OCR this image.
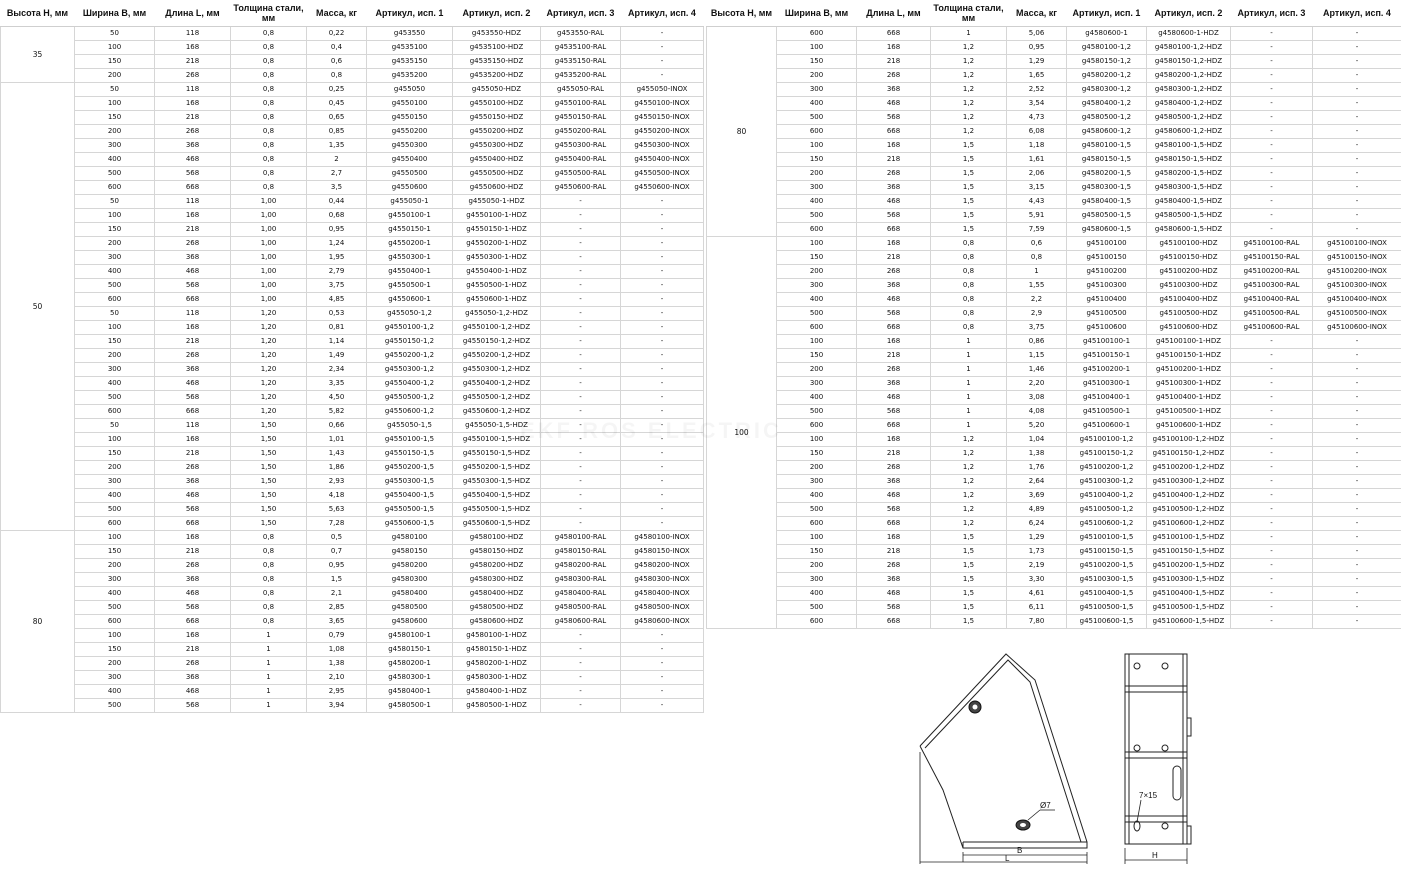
Высота H, мм	Ширина B, мм	Длина L, мм	Толщина стали, мм	Масса, кг	Артикул, исп. 1	Артикул, исп. 2	Артикул, исп. 3	Артикул, исп. 4
35	50	118	0,8	0,22	g453550	g453550-HDZ	g453550-RAL	-
	100	168	0,8	0,4	g4535100	g4535100-HDZ	g4535100-RAL	-
	150	218	0,8	0,6	g4535150	g4535150-HDZ	g4535150-RAL	-
	200	268	0,8	0,8	g4535200	g4535200-HDZ	g4535200-RAL	-
50	50	118	0,8	0,25	g455050	g455050-HDZ	g455050-RAL	g455050-INOX
	100	168	0,8	0,45	g4550100	g4550100-HDZ	g4550100-RAL	g4550100-INOX
	150	218	0,8	0,65	g4550150	g4550150-HDZ	g4550150-RAL	g4550150-INOX
	200	268	0,8	0,85	g4550200	g4550200-HDZ	g4550200-RAL	g4550200-INOX
	300	368	0,8	1,35	g4550300	g4550300-HDZ	g4550300-RAL	g4550300-INOX
	400	468	0,8	2	g4550400	g4550400-HDZ	g4550400-RAL	g4550400-INOX
	500	568	0,8	2,7	g4550500	g4550500-HDZ	g4550500-RAL	g4550500-INOX
	600	668	0,8	3,5	g4550600	g4550600-HDZ	g4550600-RAL	g4550600-INOX
	50	118	1,00	0,44	g455050-1	g455050-1-HDZ	-	-
	100	168	1,00	0,68	g4550100-1	g4550100-1-HDZ	-	-
	150	218	1,00	0,95	g4550150-1	g4550150-1-HDZ	-	-
	200	268	1,00	1,24	g4550200-1	g4550200-1-HDZ	-	-
	300	368	1,00	1,95	g4550300-1	g4550300-1-HDZ	-	-
	400	468	1,00	2,79	g4550400-1	g4550400-1-HDZ	-	-
	500	568	1,00	3,75	g4550500-1	g4550500-1-HDZ	-	-
	600	668	1,00	4,85	g4550600-1	g4550600-1-HDZ	-	-
	50	118	1,20	0,53	g455050-1,2	g455050-1,2-HDZ	-	-
	100	168	1,20	0,81	g4550100-1,2	g4550100-1,2-HDZ	-	-
	150	218	1,20	1,14	g4550150-1,2	g4550150-1,2-HDZ	-	-
	200	268	1,20	1,49	g4550200-1,2	g4550200-1,2-HDZ	-	-
	300	368	1,20	2,34	g4550300-1,2	g4550300-1,2-HDZ	-	-
	400	468	1,20	3,35	g4550400-1,2	g4550400-1,2-HDZ	-	-
	500	568	1,20	4,50	g4550500-1,2	g4550500-1,2-HDZ	-	-
	600	668	1,20	5,82	g4550600-1,2	g4550600-1,2-HDZ	-	-
	50	118	1,50	0,66	g455050-1,5	g455050-1,5-HDZ	-	-
	100	168	1,50	1,01	g4550100-1,5	g4550100-1,5-HDZ	-	-
	150	218	1,50	1,43	g4550150-1,5	g4550150-1,5-HDZ	-	-
	200	268	1,50	1,86	g4550200-1,5	g4550200-1,5-HDZ	-	-
	300	368	1,50	2,93	g4550300-1,5	g4550300-1,5-HDZ	-	-
	400	468	1,50	4,18	g4550400-1,5	g4550400-1,5-HDZ	-	-
	500	568	1,50	5,63	g4550500-1,5	g4550500-1,5-HDZ	-	-
	600	668	1,50	7,28	g4550600-1,5	g4550600-1,5-HDZ	-	-
80	100	168	0,8	0,5	g4580100	g4580100-HDZ	g4580100-RAL	g4580100-INOX
	150	218	0,8	0,7	g4580150	g4580150-HDZ	g4580150-RAL	g4580150-INOX
	200	268	0,8	0,95	g4580200	g4580200-HDZ	g4580200-RAL	g4580200-INOX
	300	368	0,8	1,5	g4580300	g4580300-HDZ	g4580300-RAL	g4580300-INOX
	400	468	0,8	2,1	g4580400	g4580400-HDZ	g4580400-RAL	g4580400-INOX
	500	568	0,8	2,85	g4580500	g4580500-HDZ	g4580500-RAL	g4580500-INOX
	600	668	0,8	3,65	g4580600	g4580600-HDZ	g4580600-RAL	g4580600-INOX
	100	168	1	0,79	g4580100-1	g4580100-1-HDZ	-	-
	150	218	1	1,08	g4580150-1	g4580150-1-HDZ	-	-
	200	268	1	1,38	g4580200-1	g4580200-1-HDZ	-	-
	300	368	1	2,10	g4580300-1	g4580300-1-HDZ	-	-
	400	468	1	2,95	g4580400-1	g4580400-1-HDZ	-	-
	500	568	1	3,94	g4580500-1	g4580500-1-HDZ	-	-
Высота H, мм	Ширина B, мм	Длина L, мм	Толщина стали, мм	Масса, кг	Артикул, исп. 1	Артикул, исп. 2	Артикул, исп. 3	Артикул, исп. 4
80	600	668	1	5,06	g4580600-1	g4580600-1-HDZ	-	-
	100	168	1,2	0,95	g4580100-1,2	g4580100-1,2-HDZ	-	-
	150	218	1,2	1,29	g4580150-1,2	g4580150-1,2-HDZ	-	-
	200	268	1,2	1,65	g4580200-1,2	g4580200-1,2-HDZ	-	-
	300	368	1,2	2,52	g4580300-1,2	g4580300-1,2-HDZ	-	-
	400	468	1,2	3,54	g4580400-1,2	g4580400-1,2-HDZ	-	-
	500	568	1,2	4,73	g4580500-1,2	g4580500-1,2-HDZ	-	-
	600	668	1,2	6,08	g4580600-1,2	g4580600-1,2-HDZ	-	-
	100	168	1,5	1,18	g4580100-1,5	g4580100-1,5-HDZ	-	-
	150	218	1,5	1,61	g4580150-1,5	g4580150-1,5-HDZ	-	-
	200	268	1,5	2,06	g4580200-1,5	g4580200-1,5-HDZ	-	-
	300	368	1,5	3,15	g4580300-1,5	g4580300-1,5-HDZ	-	-
	400	468	1,5	4,43	g4580400-1,5	g4580400-1,5-HDZ	-	-
	500	568	1,5	5,91	g4580500-1,5	g4580500-1,5-HDZ	-	-
	600	668	1,5	7,59	g4580600-1,5	g4580600-1,5-HDZ	-	-
100	100	168	0,8	0,6	g45100100	g45100100-HDZ	g45100100-RAL	g45100100-INOX
	150	218	0,8	0,8	g45100150	g45100150-HDZ	g45100150-RAL	g45100150-INOX
	200	268	0,8	1	g45100200	g45100200-HDZ	g45100200-RAL	g45100200-INOX
	300	368	0,8	1,55	g45100300	g45100300-HDZ	g45100300-RAL	g45100300-INOX
	400	468	0,8	2,2	g45100400	g45100400-HDZ	g45100400-RAL	g45100400-INOX
	500	568	0,8	2,9	g45100500	g45100500-HDZ	g45100500-RAL	g45100500-INOX
	600	668	0,8	3,75	g45100600	g45100600-HDZ	g45100600-RAL	g45100600-INOX
	100	168	1	0,86	g45100100-1	g45100100-1-HDZ	-	-
	150	218	1	1,15	g45100150-1	g45100150-1-HDZ	-	-
	200	268	1	1,46	g45100200-1	g45100200-1-HDZ	-	-
	300	368	1	2,20	g45100300-1	g45100300-1-HDZ	-	-
	400	468	1	3,08	g45100400-1	g45100400-1-HDZ	-	-
	500	568	1	4,08	g45100500-1	g45100500-1-HDZ	-	-
	600	668	1	5,20	g45100600-1	g45100600-1-HDZ	-	-
	100	168	1,2	1,04	g45100100-1,2	g45100100-1,2-HDZ	-	-
	150	218	1,2	1,38	g45100150-1,2	g45100150-1,2-HDZ	-	-
	200	268	1,2	1,76	g45100200-1,2	g45100200-1,2-HDZ	-	-
	300	368	1,2	2,64	g45100300-1,2	g45100300-1,2-HDZ	-	-
	400	468	1,2	3,69	g45100400-1,2	g45100400-1,2-HDZ	-	-
	500	568	1,2	4,89	g45100500-1,2	g45100500-1,2-HDZ	-	-
	600	668	1,2	6,24	g45100600-1,2	g45100600-1,2-HDZ	-	-
	100	168	1,5	1,29	g45100100-1,5	g45100100-1,5-HDZ	-	-
	150	218	1,5	1,73	g45100150-1,5	g45100150-1,5-HDZ	-	-
	200	268	1,5	2,19	g45100200-1,5	g45100200-1,5-HDZ	-	-
	300	368	1,5	3,30	g45100300-1,5	g45100300-1,5-HDZ	-	-
	400	468	1,5	4,61	g45100400-1,5	g45100400-1,5-HDZ	-	-
	500	568	1,5	6,11	g45100500-1,5	g45100500-1,5-HDZ	-	-
	600	668	1,5	7,80	g45100600-1,5	g45100600-1,5-HDZ	-	-
Ø7
B
L
7×15
H
